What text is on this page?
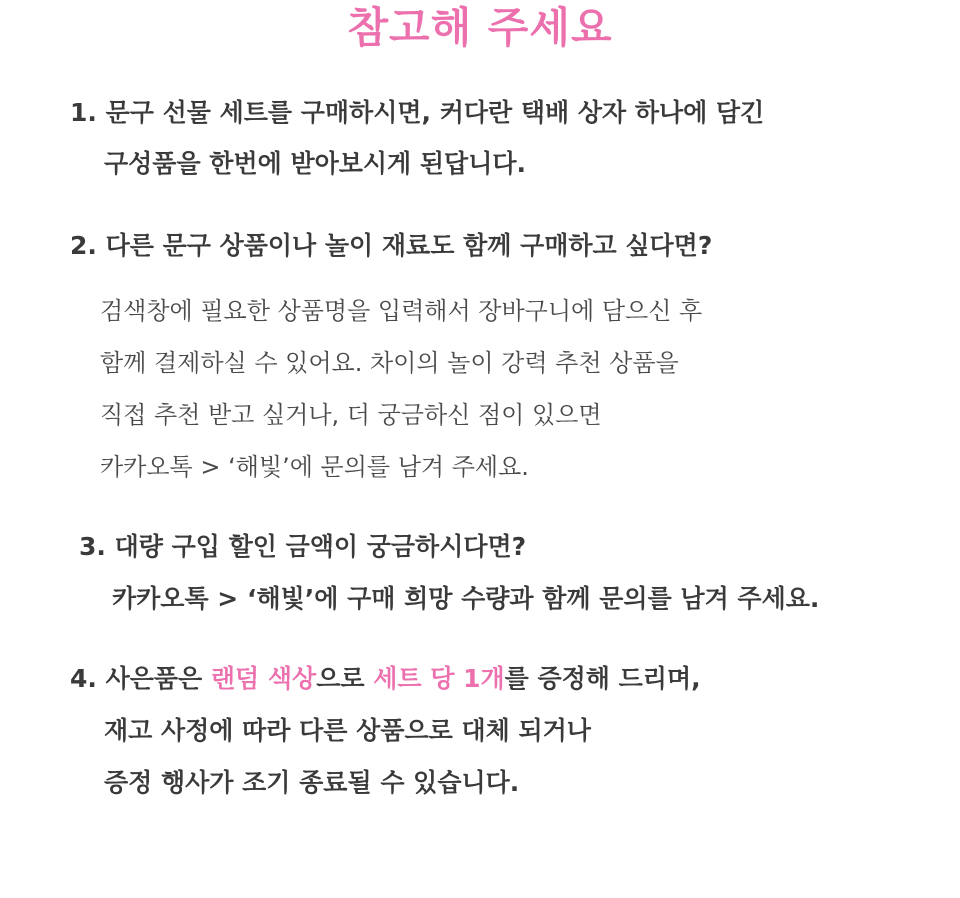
참고해 주세요
1. 문구 선물 세트를 구매하시면, 커다란 택배 상자 하나에 담긴
구성품을 한번에 받아보시게 된답니다.
2. 다른 문구 상품이나 놀이 재료도 함께 구매하고 싶다면?
검색창에 필요한 상품명을 입력해서 장바구니에 담으신 후
함께 결제하실 수 있어요. 차이의 놀이 강력 추천 상품을
직접 추천 받고 싶거나, 더 궁금하신 점이 있으면
카카오톡 > ‘해빛’에 문의를 남겨 주세요.
3. 대량 구입 할인 금액이 궁금하시다면?
카카오톡 > ‘해빛’에 구매 희망 수량과 함께 문의를 남겨 주세요.
4. 사은품은 랜덤 색상으로 세트 당 1개를 증정해 드리며,
재고 사정에 따라 다른 상품으로 대체 되거나
증정 행사가 조기 종료될 수 있습니다.
